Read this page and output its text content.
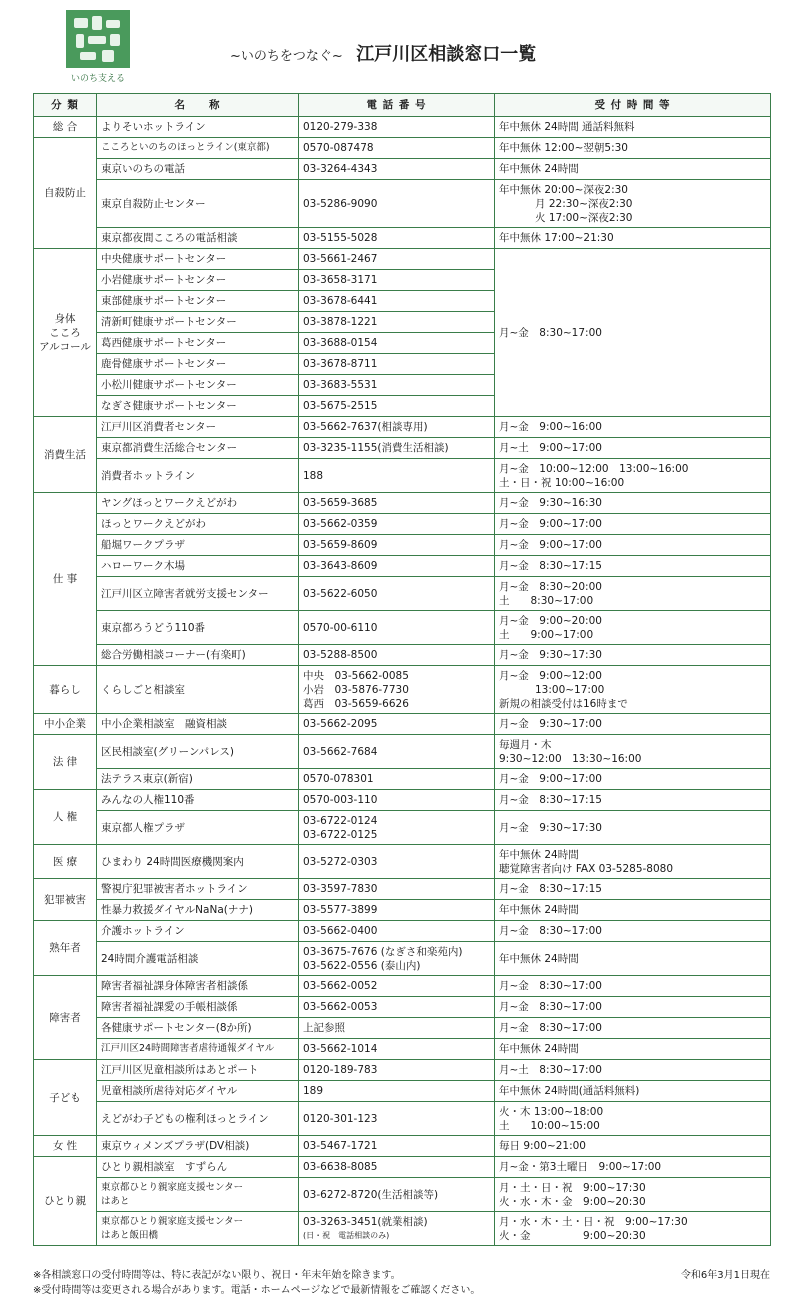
いのち支える
~いのちをつなぐ~ 江戸川区相談窓口一覧
分 類	名　　称	電 話 番 号	受 付 時 間 等
総 合	よりそいホットライン	0120-279-338	年中無休 24時間 通話料無料

自殺防止	こころといのちのほっとライン(東京都)	0570-087478	年中無休 12:00~翌朝5:30

	東京いのちの電話	03-3264-4343	年中無休 24時間

	東京自殺防止センター	03-5286-9090	年中無休 20:00~深夜2:30
月 22:30~深夜2:30
火 17:00~深夜2:30

	東京都夜間こころの電話相談	03-5155-5028	年中無休 17:00~21:30

身体
こころ
アルコール	中央健康サポートセンター	03-5661-2467	月~金　8:30~17:00

	小岩健康サポートセンター	03-3658-3171	

	東部健康サポートセンター	03-3678-6441	

	清新町健康サポートセンター	03-3878-1221	

	葛西健康サポートセンター	03-3688-0154	

	鹿骨健康サポートセンター	03-3678-8711	

	小松川健康サポートセンター	03-3683-5531	

	なぎさ健康サポートセンター	03-5675-2515	

消費生活	江戸川区消費者センター	03-5662-7637(相談専用)	月~金　9:00~16:00

	東京都消費生活総合センター	03-3235-1155(消費生活相談)	月~土　9:00~17:00

	消費者ホットライン	188	月~金　10:00~12:00　13:00~16:00
土・日・祝 10:00~16:00

仕 事	ヤングほっとワークえどがわ	03-5659-3685	月~金　9:30~16:30

	ほっとワークえどがわ	03-5662-0359	月~金　9:00~17:00

	船堀ワークプラザ	03-5659-8609	月~金　9:00~17:00

	ハローワーク木場	03-3643-8609	月~金　8:30~17:15

	江戸川区立障害者就労支援センター	03-5622-6050	月~金　8:30~20:00
土　　8:30~17:00

	東京都ろうどう110番	0570-00-6110	月~金　9:00~20:00
土　　9:00~17:00

	総合労働相談コーナー(有楽町)	03-5288-8500	月~金　9:30~17:30

暮らし	くらしごと相談室	中央　03-5662-0085
小岩　03-5876-7730
葛西　03-5659-6626	月~金　9:00~12:00
13:00~17:00
新規の相談受付は16時まで

中小企業	中小企業相談室　融資相談	03-5662-2095	月~金　9:30~17:00

法 律	区民相談室(グリーンパレス)	03-5662-7684	毎週月・木
9:30~12:00　13:30~16:00

	法テラス東京(新宿)	0570-078301	月~金　9:00~17:00

人 権	みんなの人権110番	0570-003-110	月~金　8:30~17:15

	東京都人権プラザ	03-6722-0124
03-6722-0125	月~金　9:30~17:30

医 療	ひまわり 24時間医療機関案内	03-5272-0303	年中無休 24時間
聴覚障害者向け FAX 03-5285-8080

犯罪被害	警視庁犯罪被害者ホットライン	03-3597-7830	月~金　8:30~17:15

	性暴力救援ダイヤルNaNa(ナナ)	03-5577-3899	年中無休 24時間

熟年者	介護ホットライン	03-5662-0400	月~金　8:30~17:00

	24時間介護電話相談	03-3675-7676 (なぎさ和楽苑内)
03-5622-0556 (泰山内)	年中無休 24時間

障害者	障害者福祉課身体障害者相談係	03-5662-0052	月~金　8:30~17:00

	障害者福祉課愛の手帳相談係	03-5662-0053	月~金　8:30~17:00

	各健康サポートセンター(8か所)	上記参照	月~金　8:30~17:00

	江戸川区24時間障害者虐待通報ダイヤル	03-5662-1014	年中無休 24時間

子ども	江戸川区児童相談所はあとポート	0120-189-783	月~土　8:30~17:00

	児童相談所虐待対応ダイヤル	189	年中無休 24時間(通話料無料)

	えどがわ子どもの権利ほっとライン	0120-301-123	火・木 13:00~18:00
土　　10:00~15:00

女 性	東京ウィメンズプラザ(DV相談)	03-5467-1721	毎日 9:00~21:00

ひとり親	ひとり親相談室　すずらん	03-6638-8085	月~金・第3土曜日　9:00~17:00

	東京都ひとり親家庭支援センター
はあと	03-6272-8720(生活相談等)	月・土・日・祝　9:00~17:30
火・水・木・金　9:00~20:30

	東京都ひとり親家庭支援センター
はあと飯田橋	03-3263-3451(就業相談)
(日・祝　電話相談のみ)	月・水・木・土・日・祝　9:00~17:30
火・金　　　　　9:00~20:30
※各相談窓口の受付時間等は、特に表記がない限り、祝日・年末年始を除きます。
※受付時間等は変更される場合があります。電話・ホームページなどで最新情報をご確認ください。
令和6年3月1日現在
